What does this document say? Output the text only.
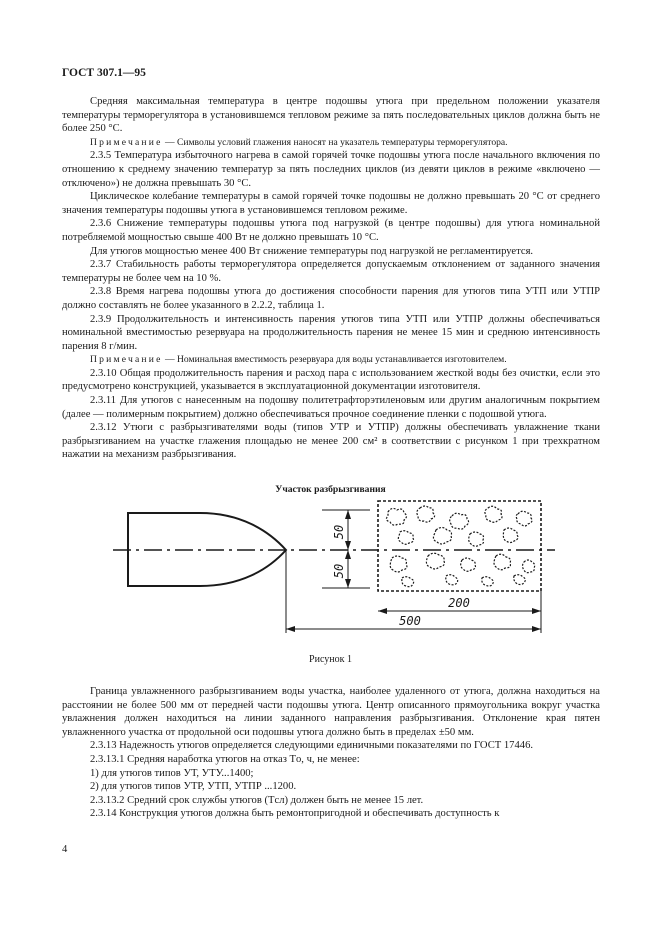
ГОСТ 307.1—95

Средняя максимальная температура в центре подошвы утюга при предельном положении указателя температуры терморегулятора в установившемся тепловом режиме за пять последовательных циклов должна быть не более 250 °C.

Примечание — Символы условий глажения наносят на указатель температуры терморегулятора.

2.3.5 Температура избыточного нагрева в самой горячей точке подошвы утюга после начального включения по отношению к среднему значению температур за пять последних циклов (из девяти циклов в режиме «включено — отключено») не должна превышать 30 °C.

Циклическое колебание температуры в самой горячей точке подошвы не должно превышать 20 °C от среднего значения температуры подошвы утюга в установившемся тепловом режиме.

2.3.6 Снижение температуры подошвы утюга под нагрузкой (в центре подошвы) для утюга номинальной потребляемой мощностью свыше 400 Вт не должно превышать 10 °C.

Для утюгов мощностью менее 400 Вт снижение температуры под нагрузкой не регламентируется.

2.3.7 Стабильность работы терморегулятора определяется допускаемым отклонением от заданного значения температуры не более чем на 10 %.

2.3.8 Время нагрева подошвы утюга до достижения способности парения для утюгов типа УТП или УТПР должно составлять не более указанного в 2.2.2, таблица 1.

2.3.9 Продолжительность и интенсивность парения утюгов типа УТП или УТПР должны обеспечиваться номинальной вместимостью резервуара на продолжительность парения не менее 15 мин и среднюю интенсивность парения 8 г/мин.

Примечание — Номинальная вместимость резервуара для воды устанавливается изготовителем.

2.3.10 Общая продолжительность парения и расход пара с использованием жесткой воды без очистки, если это предусмотрено конструкцией, указывается в эксплуатационной документации изготовителя.

2.3.11 Для утюгов с нанесенным на подошву политетрафторэтиленовым или другим аналогичным покрытием (далее — полимерным покрытием) должно обеспечиваться прочное соединение пленки с подошвой утюга.

2.3.12 Утюги с разбрызгивателями воды (типов УТР и УТПР) должны обеспечивать увлажнение ткани разбрызгиванием на участке глажения площадью не менее 200 см² в соответствии с рисунком 1 при трехкратном нажатии на механизм разбрызгивания.

Участок разбрызгивания
50
50
200
500
Рисунок 1

Граница увлажненного разбрызгиванием воды участка, наиболее удаленного от утюга, должна находиться на расстоянии не более 500 мм от передней части подошвы утюга. Центр описанного прямоугольника вокруг участка увлажнения должен находиться на линии заданного направления разбрызгивания. Отклонение края пятен увлажненного участка от продольной оси подошвы утюга должно быть в пределах ±50 мм.

2.3.13 Надежность утюгов определяется следующими единичными показателями по ГОСТ 17446.

2.3.13.1 Средняя наработка утюгов на отказ Tо, ч, не менее:

1) для утюгов типов УТ, УТУ...1400;

2) для утюгов типов УТР, УТП, УТПР ...1200.

2.3.13.2 Средний срок службы утюгов (Tсл) должен быть не менее 15 лет.

2.3.14 Конструкция утюгов должна быть ремонтопригодной и обеспечивать доступность к

4
